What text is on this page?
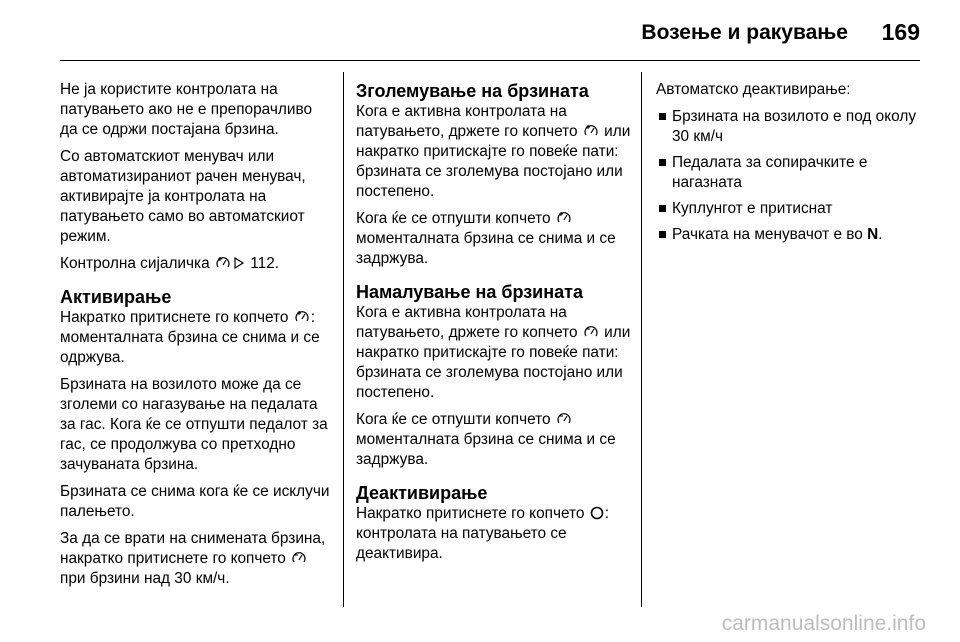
Возење и ракување 169

Не ја користите контролата на патувањето ако не е препорачливо да се одржи постајана брзина.

Со автоматскиот менувач или автоматизираниот рачен менувач, активирајте ја контролата на патувањето само во автоматскиот режим.

Контролна сијаличка  112.

Активирање

Накратко притиснете го копчето : моменталната брзина се снима и се одржува.

Брзината на возилото може да се зголеми со нагазување на педалата за гас. Кога ќе се отпушти педалот за гас, се продолжува со претходно зачуваната брзина.

Брзината се снима кога ќе се исклучи палењето.

За да се врати на снимената брзина, накратко притиснете го копчето  при брзини над 30 км/ч.

Зголемување на брзината

Кога е активна контролата на патувањето, држете го копчето  или накратко притискајте го повеќе пати: брзината се зголемува постојано или постепено.

Кога ќе се отпушти копчето  моменталната брзина се снима и се задржува.

Намалување на брзината

Кога е активна контролата на патувањето, држете го копчето  или накратко притискајте го повеќе пати: брзината се зголемува постојано или постепено.

Кога ќе се отпушти копчето  моменталната брзина се снима и се задржува.

Деактивирање

Накратко притиснете го копчето : контролата на патувањето се деактивира.

Автоматско деактивирање:

Брзината на возилото е под околу 30 км/ч
Педалата за сопирачките е нагазната
Куплунгот е притиснат
Рачката на менувачот е во N.
carmanualsonline.info
